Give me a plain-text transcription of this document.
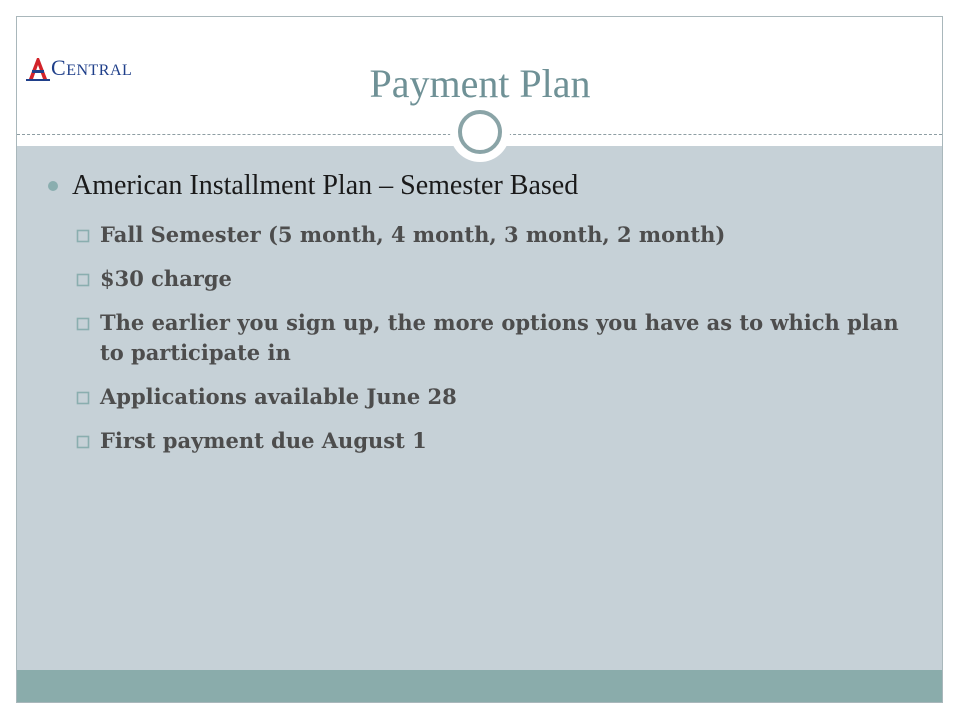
CENTRAL	Payment Plan
American Installment Plan – Semester Based
Fall Semester (5 month, 4 month, 3 month, 2 month)
$30 charge
The earlier you sign up, the more options you have as to which plan to participate in
Applications available June 28
First payment due August 1
